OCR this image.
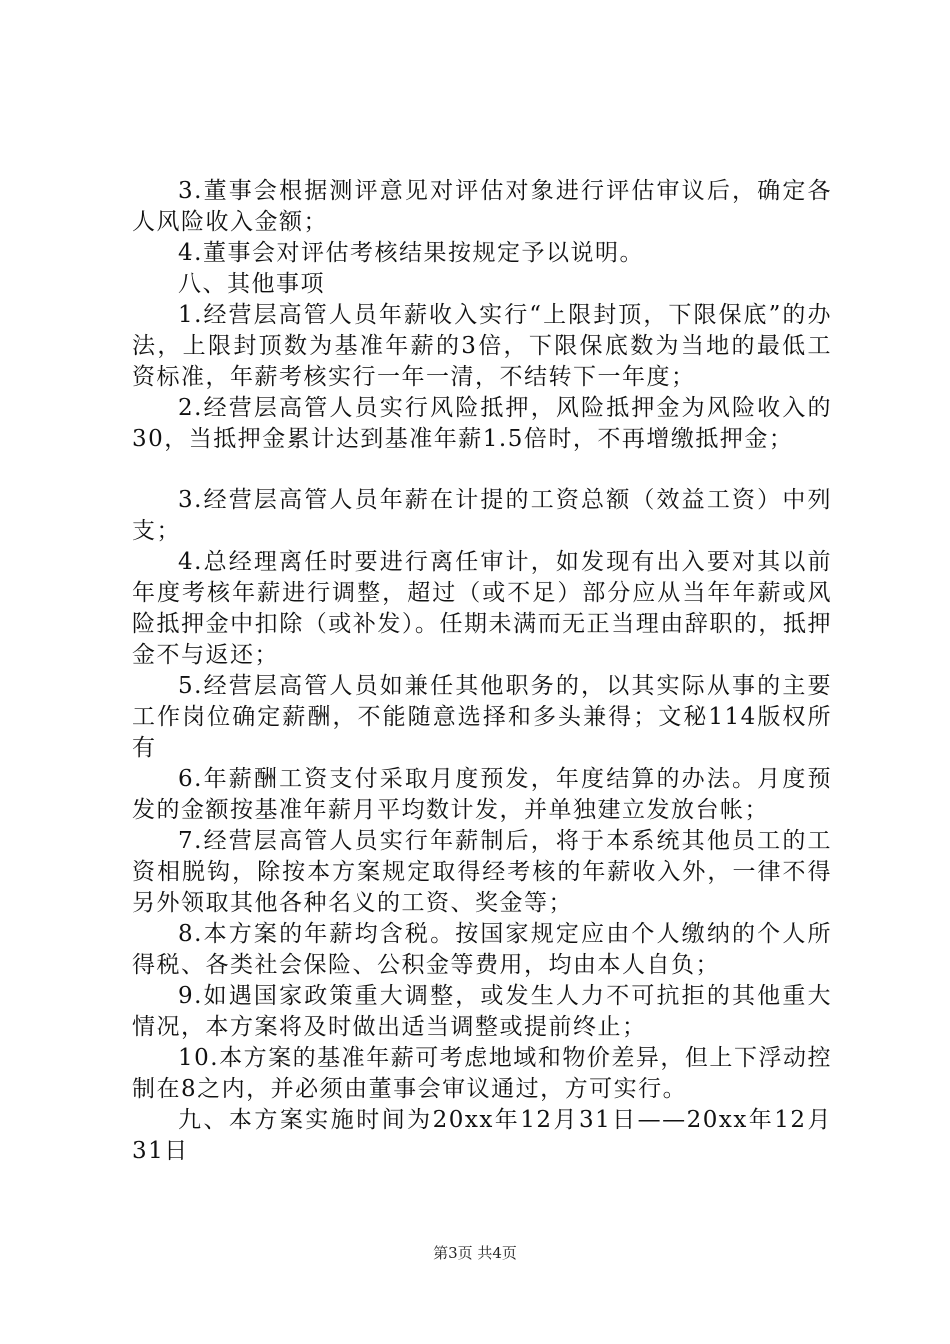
3.董事会根据测评意见对评估对象进行评估审议后，确定各人风险收入金额；

4.董事会对评估考核结果按规定予以说明。

八、其他事项

1.经营层高管人员年薪收入实行“上限封顶，下限保底”的办法，上限封顶数为基准年薪的3倍，下限保底数为当地的最低工资标准，年薪考核实行一年一清，不结转下一年度；

2.经营层高管人员实行风险抵押，风险抵押金为风险收入的30，当抵押金累计达到基准年薪1.5倍时，不再增缴抵押金；

3.经营层高管人员年薪在计提的工资总额（效益工资）中列支；

4.总经理离任时要进行离任审计，如发现有出入要对其以前年度考核年薪进行调整，超过（或不足）部分应从当年年薪或风险抵押金中扣除（或补发）。任期未满而无正当理由辞职的，抵押金不与返还；

5.经营层高管人员如兼任其他职务的，以其实际从事的主要工作岗位确定薪酬，不能随意选择和多头兼得；文秘114版权所有

6.年薪酬工资支付采取月度预发，年度结算的办法。月度预发的金额按基准年薪月平均数计发，并单独建立发放台帐；

7.经营层高管人员实行年薪制后，将于本系统其他员工的工资相脱钩，除按本方案规定取得经考核的年薪收入外，一律不得另外领取其他各种名义的工资、奖金等；

8.本方案的年薪均含税。按国家规定应由个人缴纳的个人所得税、各类社会保险、公积金等费用，均由本人自负；

9.如遇国家政策重大调整，或发生人力不可抗拒的其他重大情况，本方案将及时做出适当调整或提前终止；

10.本方案的基准年薪可考虑地域和物价差异，但上下浮动控制在8之内，并必须由董事会审议通过，方可实行。

九、本方案实施时间为20xx年12月31日——20xx年12月31日

第3页 共4页
